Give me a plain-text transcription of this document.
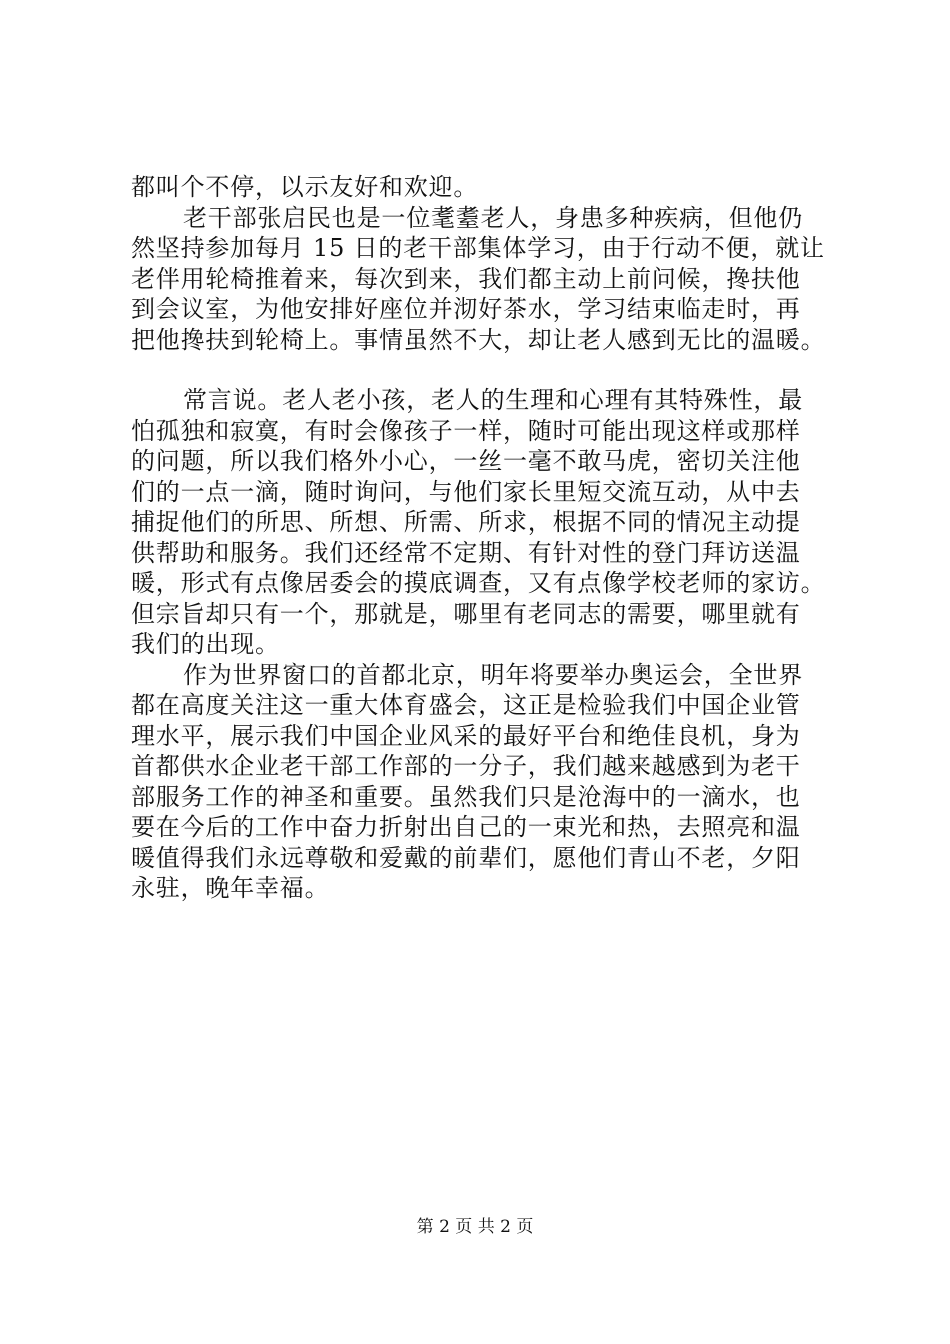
都叫个不停，以示友好和欢迎。
老干部张启民也是一位耄耋老人，身患多种疾病，但他仍
然坚持参加每月 15 日的老干部集体学习，由于行动不便，就让
老伴用轮椅推着来，每次到来，我们都主动上前问候，搀扶他
到会议室，为他安排好座位并沏好茶水，学习结束临走时，再
把他搀扶到轮椅上。事情虽然不大，却让老人感到无比的温暖。
常言说。老人老小孩，老人的生理和心理有其特殊性，最
怕孤独和寂寞，有时会像孩子一样，随时可能出现这样或那样
的问题，所以我们格外小心，一丝一毫不敢马虎，密切关注他
们的一点一滴，随时询问，与他们家长里短交流互动，从中去
捕捉他们的所思、所想、所需、所求，根据不同的情况主动提
供帮助和服务。我们还经常不定期、有针对性的登门拜访送温
暖，形式有点像居委会的摸底调查，又有点像学校老师的家访。
但宗旨却只有一个，那就是，哪里有老同志的需要，哪里就有
我们的出现。
作为世界窗口的首都北京，明年将要举办奥运会，全世界
都在高度关注这一重大体育盛会，这正是检验我们中国企业管
理水平，展示我们中国企业风采的最好平台和绝佳良机，身为
首都供水企业老干部工作部的一分子，我们越来越感到为老干
部服务工作的神圣和重要。虽然我们只是沧海中的一滴水，也
要在今后的工作中奋力折射出自己的一束光和热，去照亮和温
暖值得我们永远尊敬和爱戴的前辈们，愿他们青山不老，夕阳
永驻，晚年幸福。
第 2 页 共 2 页
